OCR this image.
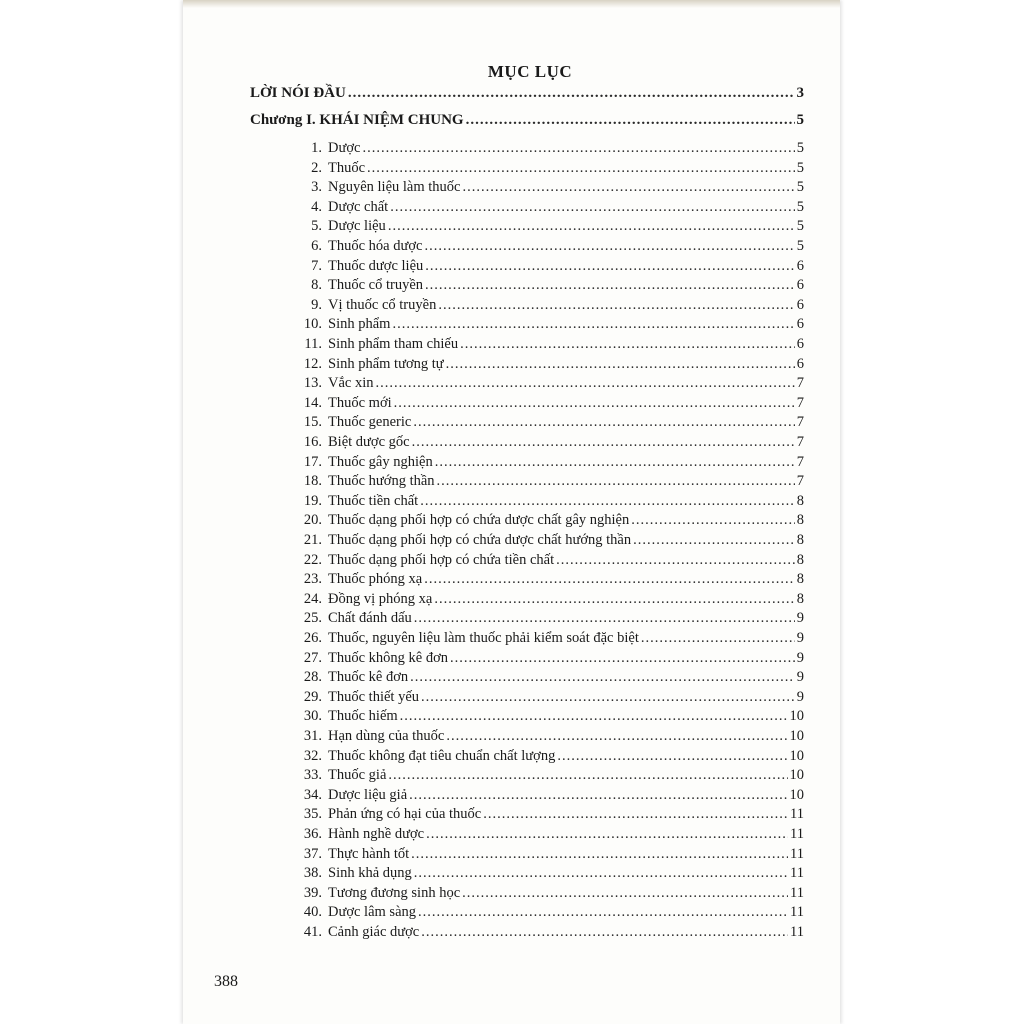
MỤC LỤC
LỜI NÓI ĐẦU .....	3
Chương I. KHÁI NIỆM CHUNG .....	5
1. Dược .....	5
2. Thuốc .....	5
3. Nguyên liệu làm thuốc .....	5
4. Dược chất .....	5
5. Dược liệu .....	5
6. Thuốc hóa dược .....	5
7. Thuốc dược liệu .....	6
8. Thuốc cổ truyền .....	6
9. Vị thuốc cổ truyền .....	6
10. Sinh phẩm .....	6
11. Sinh phẩm tham chiếu .....	6
12. Sinh phẩm tương tự .....	6
13. Vắc xin .....	7
14. Thuốc mới .....	7
15. Thuốc generic .....	7
16. Biệt dược gốc .....	7
17. Thuốc gây nghiện .....	7
18. Thuốc hướng thần .....	7
19. Thuốc tiền chất .....	8
20. Thuốc dạng phối hợp có chứa dược chất gây nghiện .....	8
21. Thuốc dạng phối hợp có chứa dược chất hướng thần .....	8
22. Thuốc dạng phối hợp có chứa tiền chất .....	8
23. Thuốc phóng xạ .....	8
24. Đồng vị phóng xạ .....	8
25. Chất đánh dấu .....	9
26. Thuốc, nguyên liệu làm thuốc phải kiểm soát đặc biệt .....	9
27. Thuốc không kê đơn .....	9
28. Thuốc kê đơn .....	9
29. Thuốc thiết yếu .....	9
30. Thuốc hiếm .....	10
31. Hạn dùng của thuốc .....	10
32. Thuốc không đạt tiêu chuẩn chất lượng .....	10
33. Thuốc giả .....	10
34. Dược liệu giả .....	10
35. Phản ứng có hại của thuốc .....	11
36. Hành nghề dược .....	11
37. Thực hành tốt .....	11
38. Sinh khả dụng .....	11
39. Tương đương sinh học .....	11
40. Dược lâm sàng .....	11
41. Cảnh giác dược .....	11
388
